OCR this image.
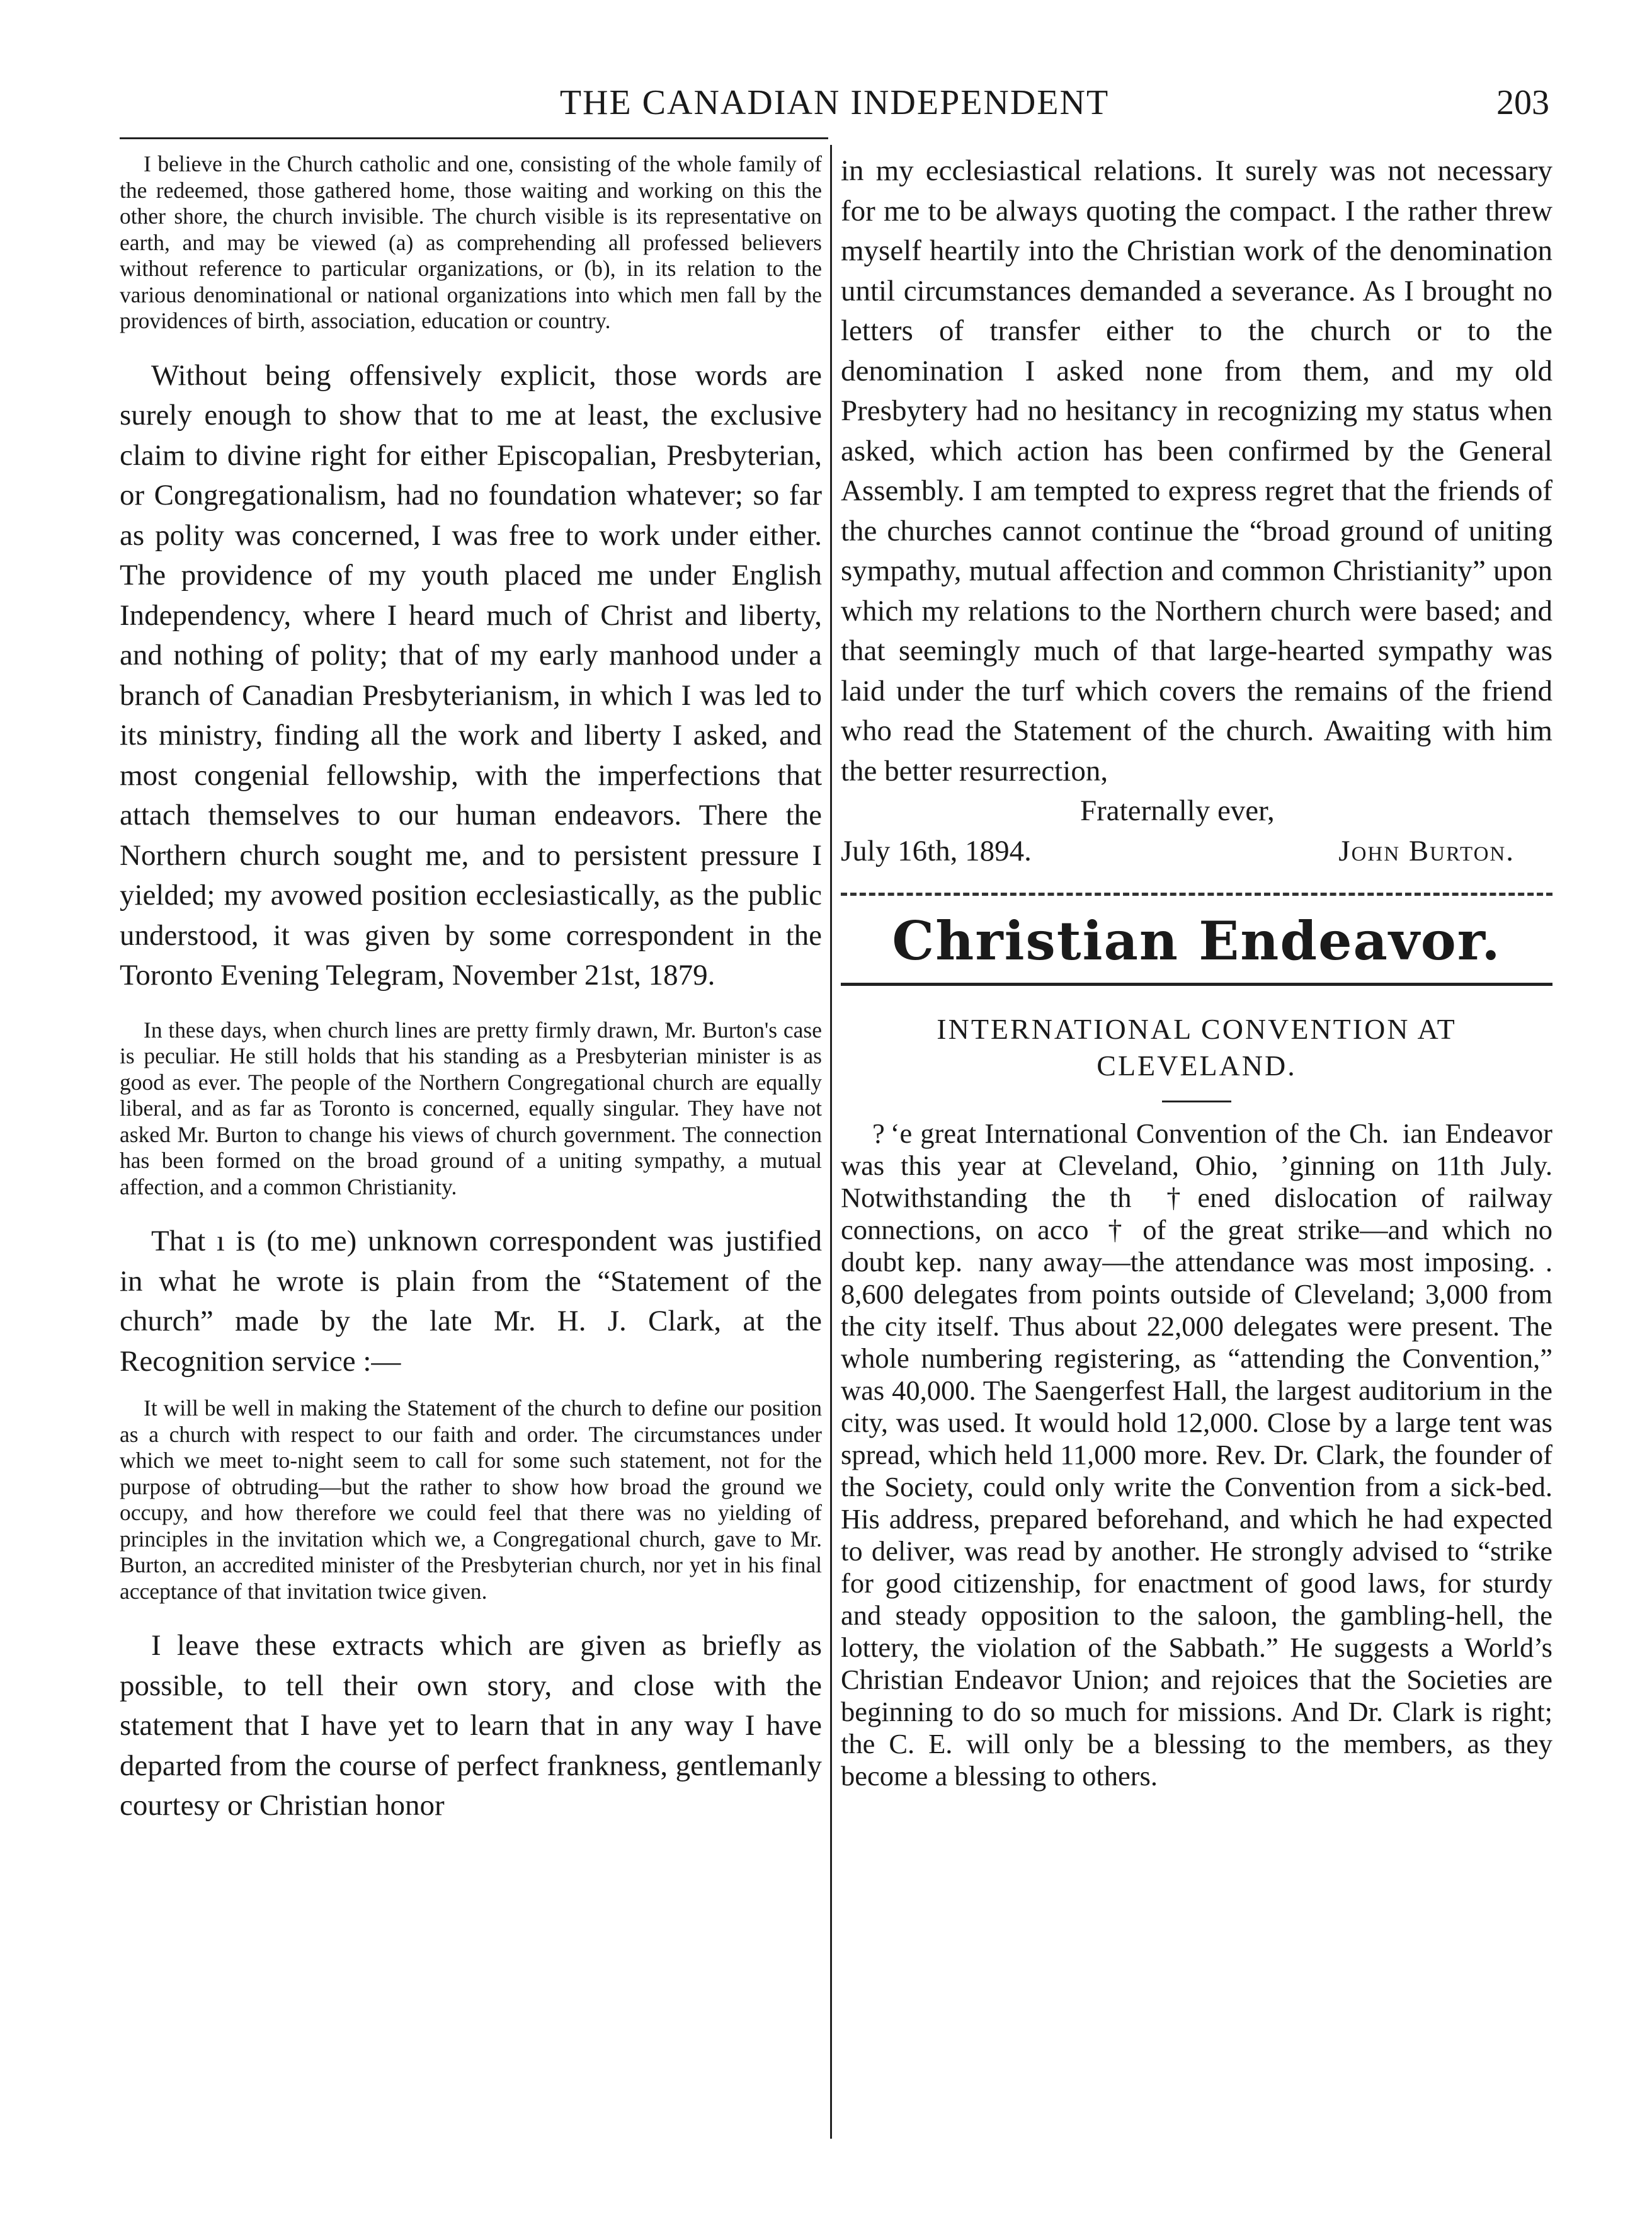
THE CANADIAN INDEPENDENT	203

I believe in the Church catholic and one, consisting of the whole family of the redeemed, those gathered home, those waiting and working on this the other shore, the church invisible. The church visible is its representative on earth, and may be viewed (a) as comprehending all professed believers without reference to particular organizations, or (b), in its relation to the various denominational or national organizations into which men fall by the providences of birth, association, education or country.

Without being offensively explicit, those words are surely enough to show that to me at least, the exclusive claim to divine right for either Episcopalian, Presbyterian, or Congregationalism, had no foundation whatever; so far as polity was concerned, I was free to work under either. The providence of my youth placed me under English Independency, where I heard much of Christ and liberty, and nothing of polity; that of my early manhood under a branch of Canadian Presbyterianism, in which I was led to its ministry, finding all the work and liberty I asked, and most congenial fellowship, with the imperfections that attach themselves to our human endeavors. There the Northern church sought me, and to persistent pressure I yielded; my avowed position ecclesiastically, as the public understood, it was given by some correspondent in the Toronto Evening Telegram, November 21st, 1879.

In these days, when church lines are pretty firmly drawn, Mr. Burton's case is peculiar. He still holds that his standing as a Presbyterian minister is as good as ever. The people of the Northern Congregational church are equally liberal, and as far as Toronto is concerned, equally singular. They have not asked Mr. Burton to change his views of church government. The connection has been formed on the broad ground of a uniting sympathy, a mutual affection, and a common Christianity.

That ı is (to me) unknown correspondent was justified in what he wrote is plain from the “Statement of the church” made by the late Mr. H. J. Clark, at the Recognition service :—

It will be well in making the Statement of the church to define our position as a church with respect to our faith and order. The circumstances under which we meet to-night seem to call for some such statement, not for the purpose of obtruding—but the rather to show how broad the ground we occupy, and how therefore we could feel that there was no yielding of principles in the invitation which we, a Congregational church, gave to Mr. Burton, an accredited minister of the Presbyterian church, nor yet in his final acceptance of that invitation twice given.

I leave these extracts which are given as briefly as possible, to tell their own story, and close with the statement that I have yet to learn that in any way I have departed from the course of perfect frankness, gentlemanly courtesy or Christian honor

in my ecclesiastical relations. It surely was not necessary for me to be always quoting the compact. I the rather threw myself heartily into the Christian work of the denomination until circumstances demanded a severance. As I brought no letters of transfer either to the church or to the denomination I asked none from them, and my old Presbytery had no hesitancy in recognizing my status when asked, which action has been confirmed by the General Assembly. I am tempted to express regret that the friends of the churches cannot continue the “broad ground of uniting sympathy, mutual affection and common Christianity” upon which my relations to the Northern church were based; and that seemingly much of that large-hearted sympathy was laid under the turf which covers the remains of the friend who read the Statement of the church. Awaiting with him the better resurrection,

Fraternally ever,
July 16th, 1894.	John Burton.
Christian Endeavor.
INTERNATIONAL CONVENTION AT CLEVELAND.

? ʻe great International Convention of the Ch.  ian Endeavor was this year at Cleveland, Ohio,  ʼginning on 11th July. Notwithstanding the th   †ened dislocation of railway connections, on acco  † of the great strike—and which no doubt kep.  nany away—the attendance was most imposing. . 8,600 delegates from points outside of Cleveland; 3,000 from the city itself. Thus about 22,000 delegates were present. The whole numbering registering, as “attending the Convention,” was 40,000. The Saengerfest Hall, the largest auditorium in the city, was used. It would hold 12,000. Close by a large tent was spread, which held 11,000 more. Rev. Dr. Clark, the founder of the Society, could only write the Convention from a sick-bed. His address, prepared beforehand, and which he had expected to deliver, was read by another. He strongly advised to “strike for good citizenship, for enactment of good laws, for sturdy and steady opposition to the saloon, the gambling-hell, the lottery, the violation of the Sabbath.” He suggests a World’s Christian Endeavor Union; and rejoices that the Societies are beginning to do so much for missions. And Dr. Clark is right; the C. E. will only be a blessing to the members, as they become a blessing to others.
